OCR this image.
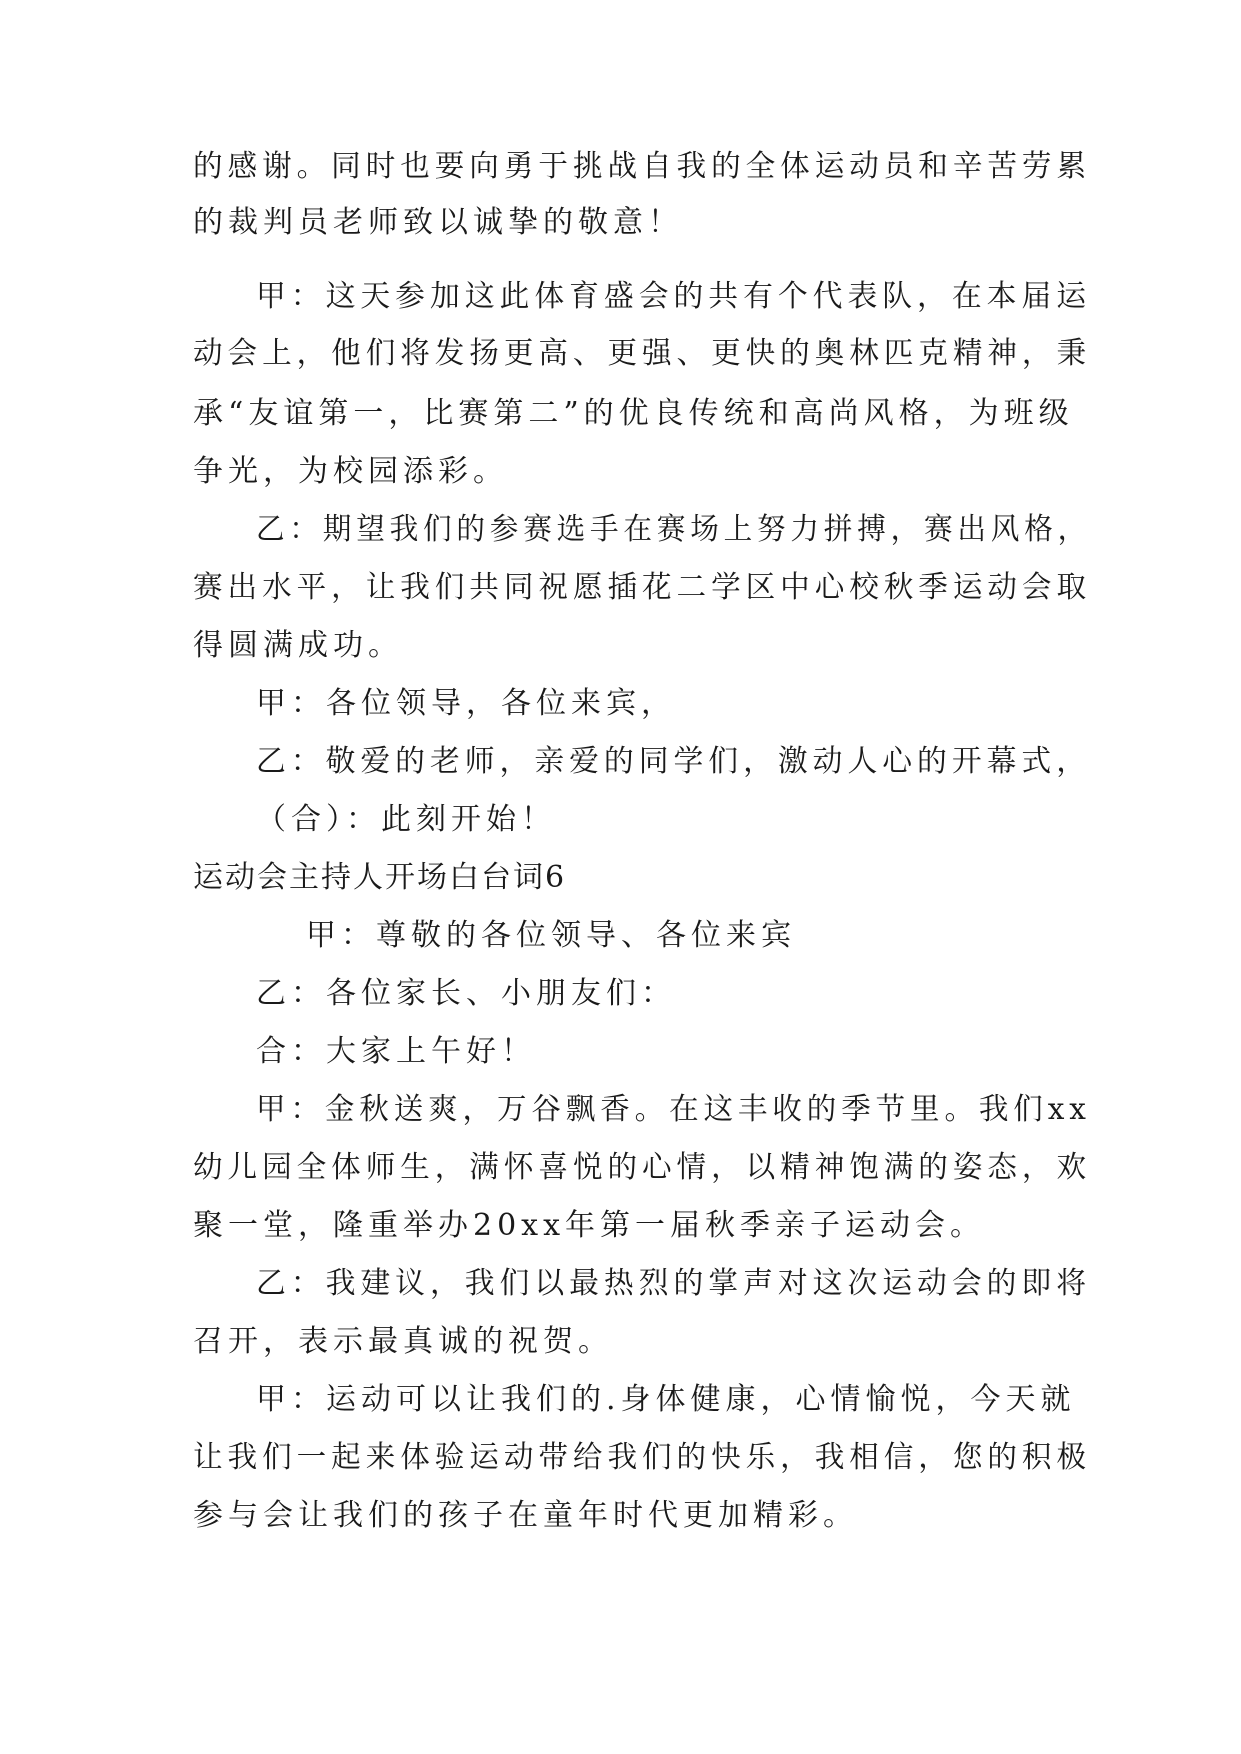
的感谢。同时也要向勇于挑战自我的全体运动员和辛苦劳累
的裁判员老师致以诚挚的敬意！
甲：这天参加这此体育盛会的共有个代表队，在本届运
动会上，他们将发扬更高、更强、更快的奥林匹克精神，秉
承“友谊第一，比赛第二”的优良传统和高尚风格，为班级
争光，为校园添彩。
乙：期望我们的参赛选手在赛场上努力拼搏，赛出风格，
赛出水平，让我们共同祝愿插花二学区中心校秋季运动会取
得圆满成功。
甲：各位领导，各位来宾，
乙：敬爱的老师，亲爱的同学们，激动人心的开幕式，
（合）：此刻开始！
运动会主持人开场白台词6
甲：尊敬的各位领导、各位来宾
乙：各位家长、小朋友们：
合：大家上午好！
甲：金秋送爽，万谷飘香。在这丰收的季节里。我们xx
幼儿园全体师生，满怀喜悦的心情，以精神饱满的姿态，欢
聚一堂，隆重举办20xx年第一届秋季亲子运动会。
乙：我建议，我们以最热烈的掌声对这次运动会的即将
召开，表示最真诚的祝贺。
甲：运动可以让我们的.身体健康，心情愉悦，今天就
让我们一起来体验运动带给我们的快乐，我相信，您的积极
参与会让我们的孩子在童年时代更加精彩。
